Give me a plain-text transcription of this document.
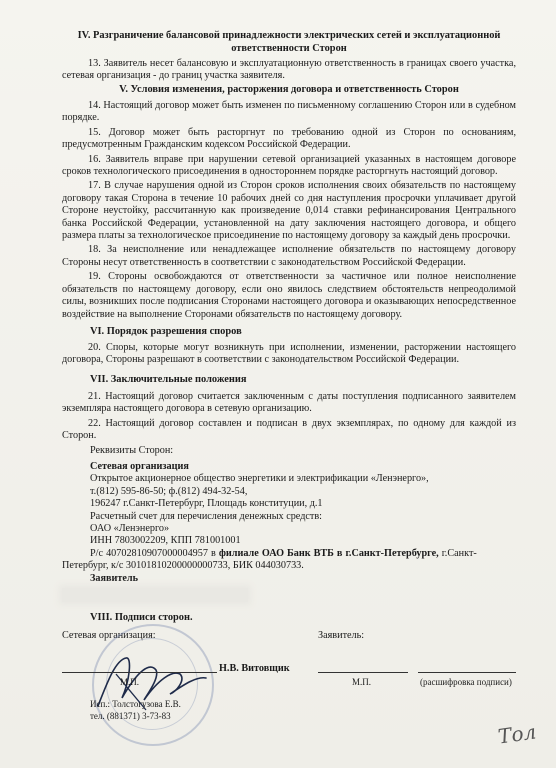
IV. Разграничение балансовой принадлежности электрических сетей и эксплуатационной ответственности Сторон

13. Заявитель несет балансовую и эксплуатационную ответственность в границах своего участка, сетевая организация - до границ участка заявителя.

V. Условия изменения, расторжения договора и ответственность Сторон

14. Настоящий договор может быть изменен по письменному соглашению Сторон или в судебном порядке.

15. Договор может быть расторгнут по требованию одной из Сторон по основаниям, предусмотренным Гражданским кодексом Российской Федерации.

16. Заявитель вправе при нарушении сетевой организацией указанных в настоящем договоре сроков технологического присоединения в одностороннем порядке расторгнуть настоящий договор.

17. В случае нарушения одной из Сторон сроков исполнения своих обязательств по настоящему договору такая Сторона в течение 10 рабочих дней со дня наступления просрочки уплачивает другой Стороне неустойку, рассчитанную как произведение 0,014 ставки рефинансирования Центрального банка Российской Федерации, установленной на дату заключения настоящего договора, и общего размера платы за технологическое присоединение по настоящему договору за каждый день просрочки.

18. За неисполнение или ненадлежащее исполнение обязательств по настоящему договору Стороны несут ответственность в соответствии с законодательством Российской Федерации.

19. Стороны освобождаются от ответственности за частичное или полное неисполнение обязательств по настоящему договору, если оно явилось следствием обстоятельств непреодолимой силы, возникших после подписания Сторонами настоящего договора и оказывающих непосредственное воздействие на выполнение Сторонами обязательств по настоящему договору.

VI. Порядок разрешения споров

20. Споры, которые могут возникнуть при исполнении, изменении, расторжении настоящего договора, Стороны разрешают в соответствии с законодательством Российской Федерации.

VII. Заключительные положения

21. Настоящий договор считается заключенным с даты поступления подписанного заявителем экземпляра настоящего договора в сетевую организацию.

22. Настоящий договор составлен и подписан в двух экземплярах, по одному для каждой из Сторон.

Реквизиты Сторон:

Сетевая организация

Открытое акционерное общество энергетики и электрификации «Ленэнерго»,

т.(812) 595-86-50; ф.(812) 494-32-54,

196247 г.Санкт-Петербург, Площадь конституции, д.1

Расчетный счет для перечисления денежных средств:

ОАО «Ленэнерго»

ИНН 7803002209, КПП 781001001

Р/с 40702810907000004957 в филиале ОАО Банк ВТБ в г.Санкт-Петербурге, г.Санкт-

Петербург, к/с 30101810200000000733, БИК 044030733.
Заявитель
VIII. Подписи сторон.
Сетевая организация:	Заявитель:
М.П.
Н.В. Витовщик
М.П.	(расшифровка подписи)
Исп.: Толстогузова Е.В.
тел. (881371) 3-73-83
Тол
